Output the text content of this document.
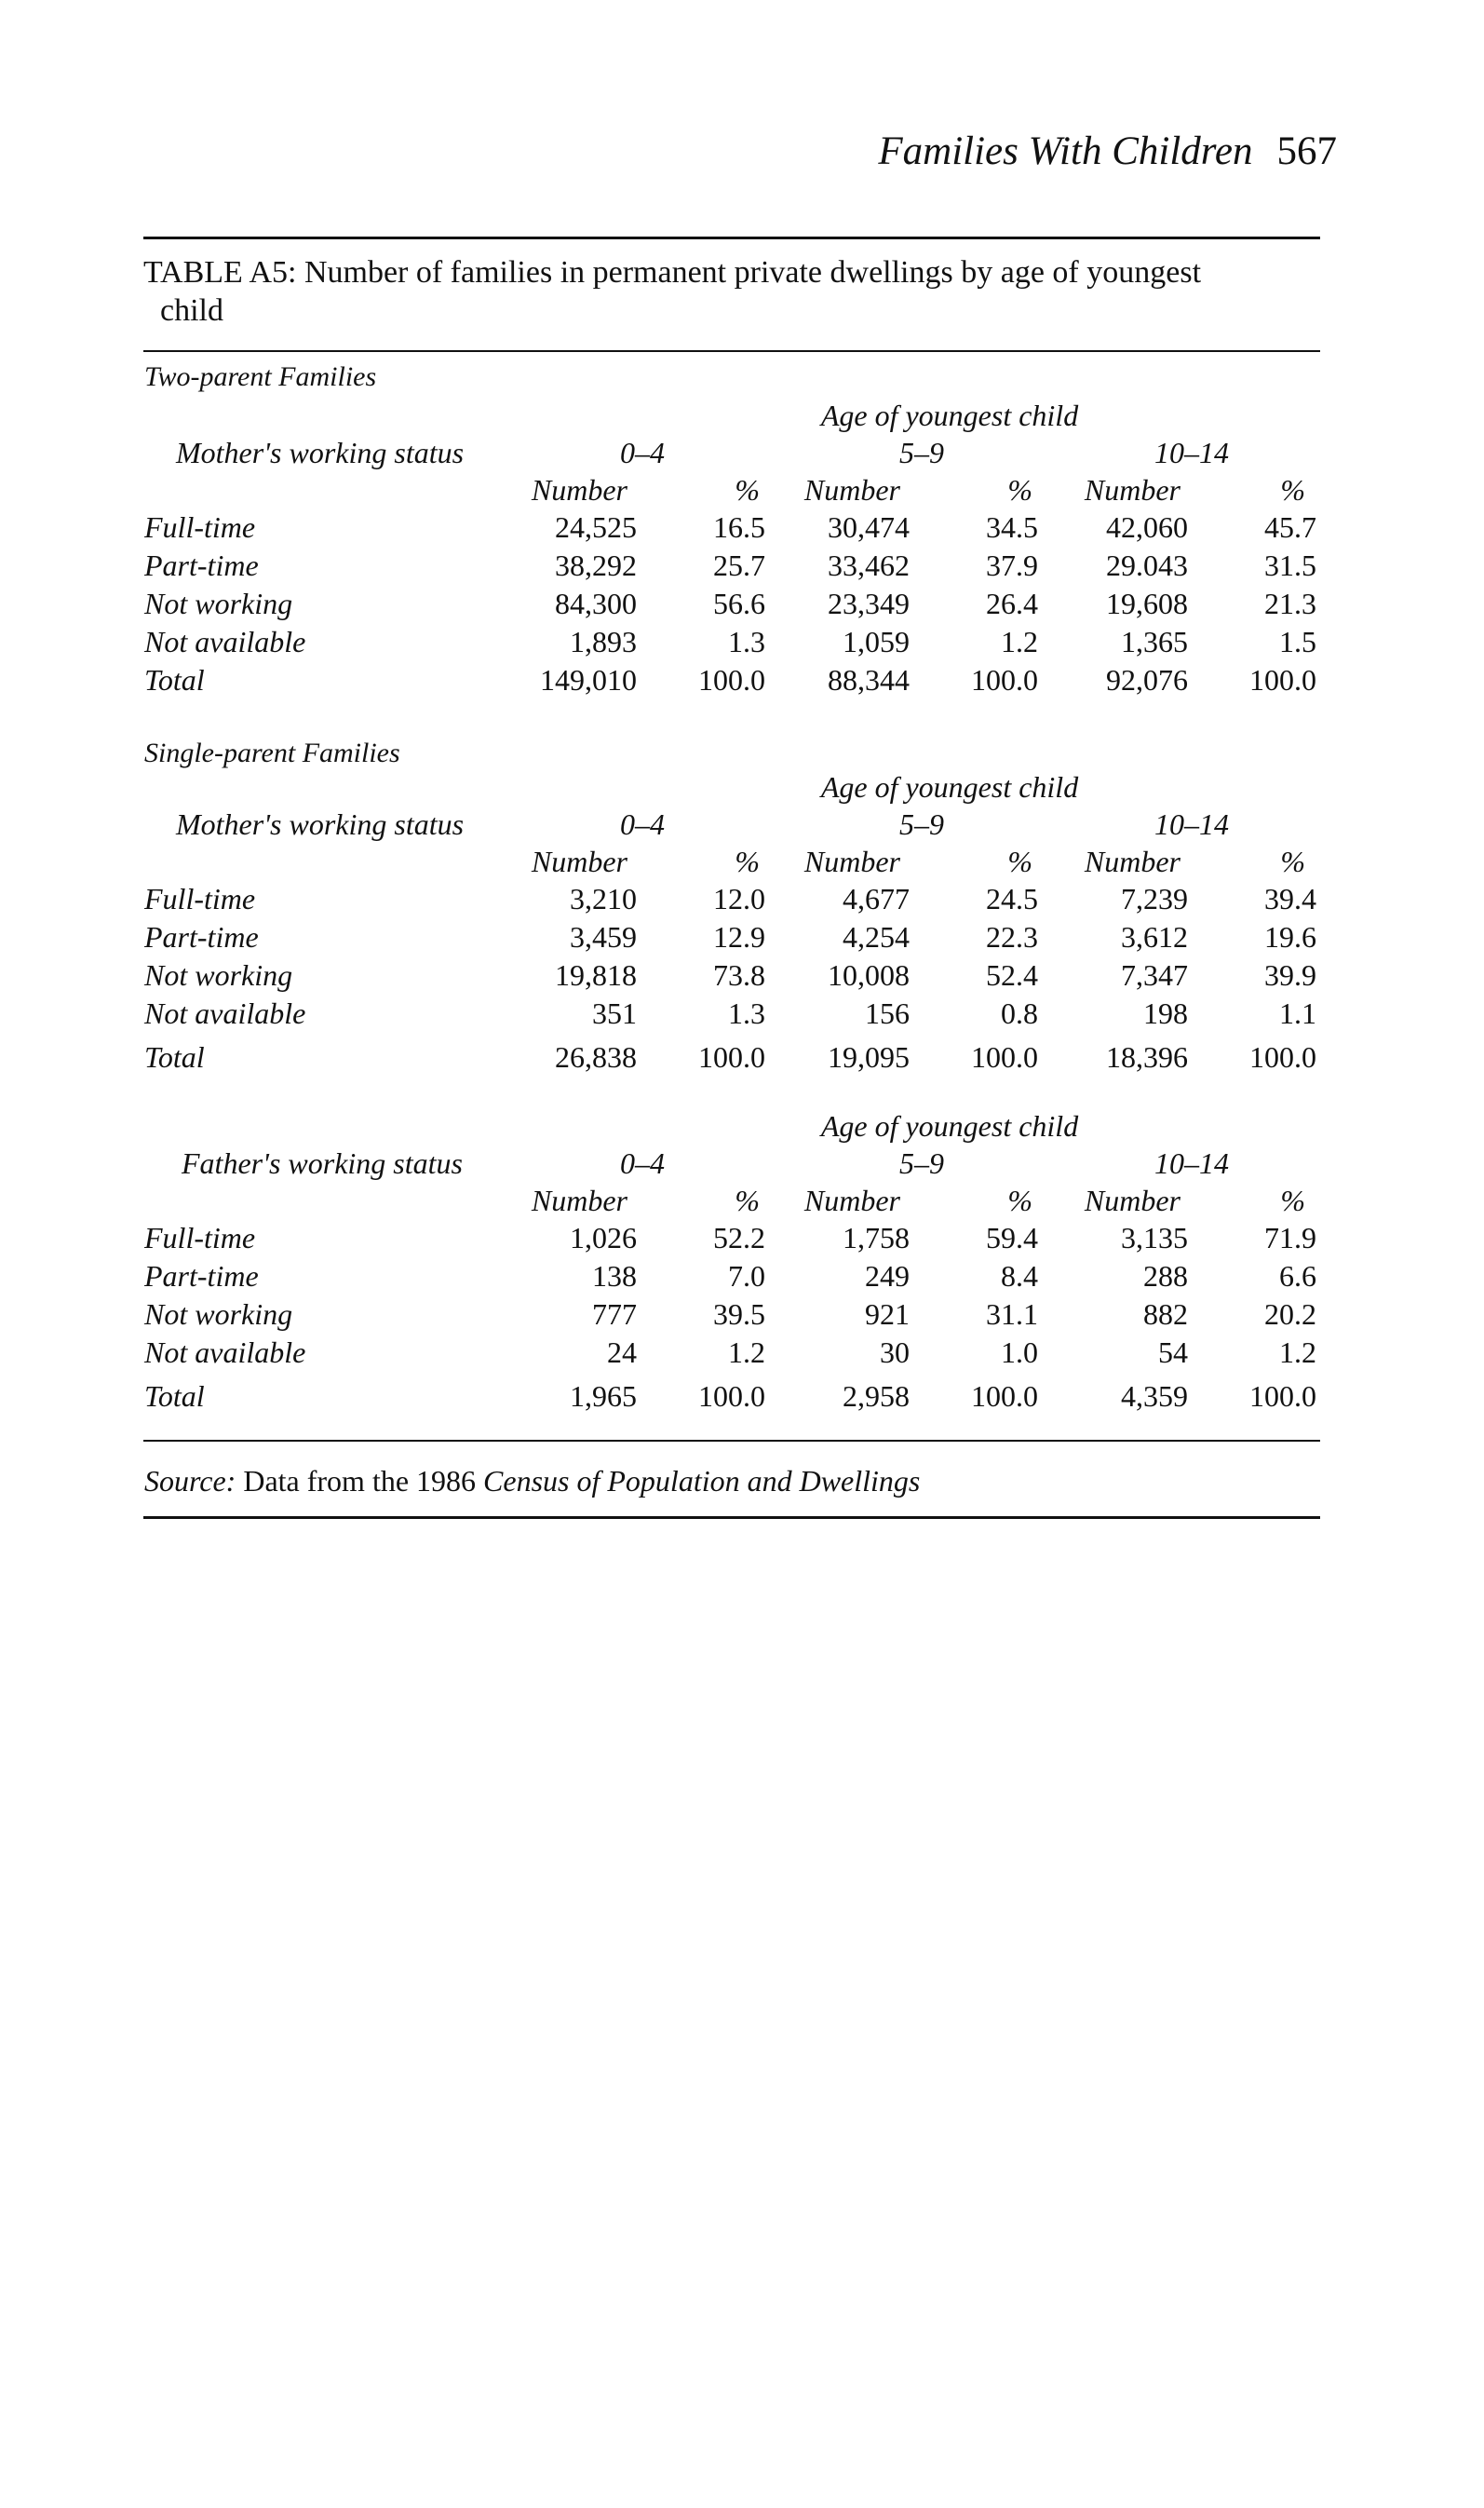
Families With Children 567
TABLE A5: Number of families in permanent private dwellings by age of youngest
child
Two-parent Families
Age of youngest child
Mother's working status	0–4	5–9	10–14
Number	% Number	% Number	%
Full-time	24,525	16.5 30,474	34.5 42,060	45.7
Part-time	38,292	25.7 33,462	37.9 29.043	31.5
Not working	84,300	56.6 23,349	26.4 19,608	21.3
Not available	1,893	1.3	1,059	1.2	1,365	1.5
Total	149,010 100.0 88,344 100.0 92,076 100.0
Single-parent Families
Age of youngest child
Mother's working status	0–4	5–9	10–14
Number	% Number	% Number	%
Full-time	3,210	12.0	4,677	24.5	7,239	39.4
Part-time	3,459	12.9	4,254	22.3	3,612	19.6
Not working	19,818	73.8 10,008	52.4	7,347	39.9
Not available	351	1.3	156	0.8	198	1.1
Total	26,838 100.0 19,095 100.0 18,396 100.0
Age of youngest child
Father's working status	0–4	5–9	10–14
Number	% Number	% Number	%
Full-time	1,026	52.2	1,758	59.4	3,135	71.9
Part-time	138	7.0	249	8.4	288	6.6
Not working	777	39.5	921	31.1	882	20.2
Not available	24	1.2	30	1.0	54	1.2
Total	1,965 100.0	2,958 100.0	4,359 100.0
Source: Data from the 1986 Census of Population and Dwellings
